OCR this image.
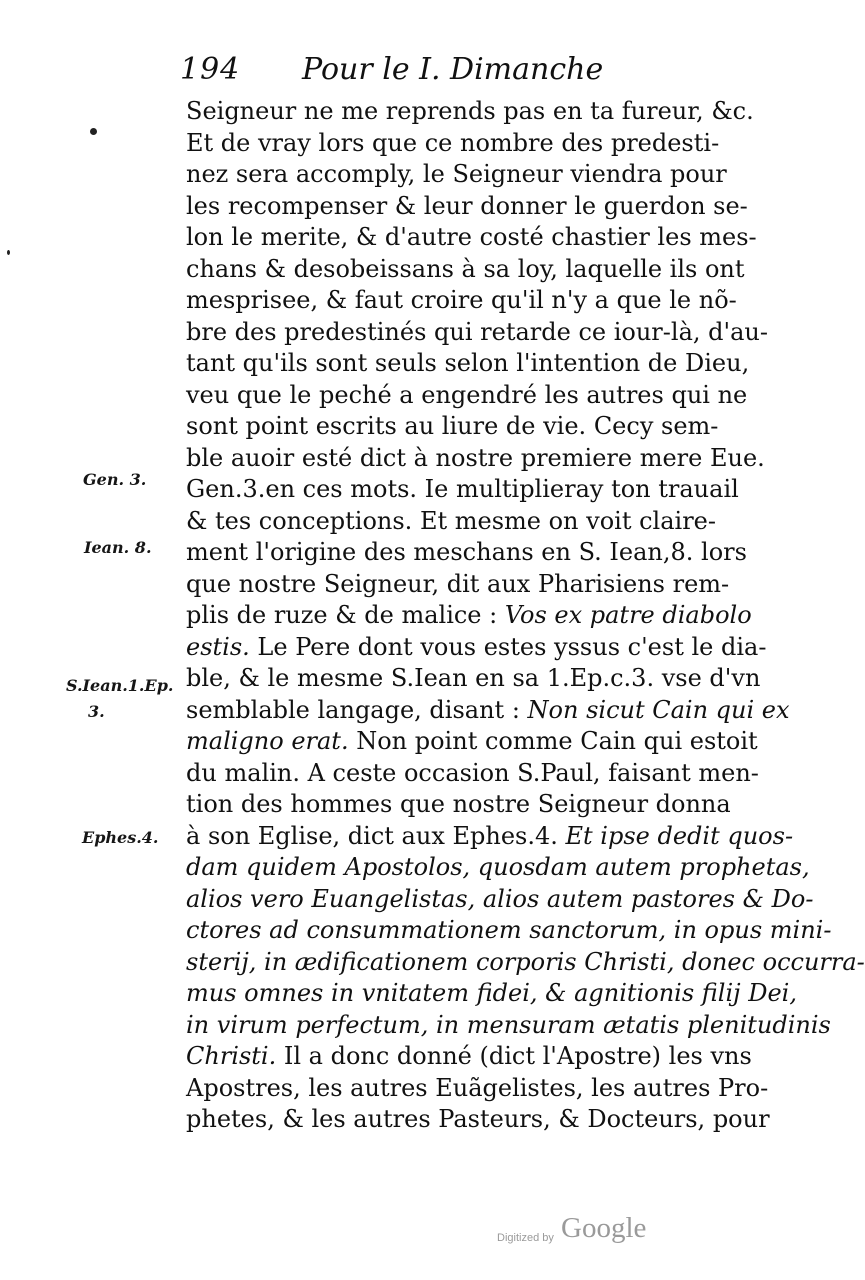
194 Pour le I. Dimanche
Gen. 3.
Iean. 8.
S.Iean.1.Ep.
3.
Ephes.4.
Seigneur ne me reprends pas en ta fureur, &c.
Et de vray lors que ce nombre des predesti-
nez sera accomply, le Seigneur viendra pour
les recompenser & leur donner le guerdon se-
lon le merite, & d'autre costé chastier les mes-
chans & desobeissans à sa loy, laquelle ils ont
mesprisee, & faut croire qu'il n'y a que le nõ-
bre des predestinés qui retarde ce iour-là, d'au-
tant qu'ils sont seuls selon l'intention de Dieu,
veu que le peché a engendré les autres qui ne
sont point escrits au liure de vie. Cecy sem-
ble auoir esté dict à nostre premiere mere Eue.
Gen.3.en ces mots. Ie multiplieray ton trauail
& tes conceptions. Et mesme on voit claire-
ment l'origine des meschans en S. Iean,8. lors
que nostre Seigneur, dit aux Pharisiens rem-
plis de ruze & de malice : Vos ex patre diabolo
estis. Le Pere dont vous estes yssus c'est le dia-
ble, & le mesme S.Iean en sa 1.Ep.c.3. vse d'vn
semblable langage, disant : Non sicut Cain qui ex
maligno erat. Non point comme Cain qui estoit
du malin. A ceste occasion S.Paul, faisant men-
tion des hommes que nostre Seigneur donna
à son Eglise, dict aux Ephes.4. Et ipse dedit quos-
dam quidem Apostolos, quosdam autem prophetas,
alios vero Euangelistas, alios autem pastores & Do-
ctores ad consummationem sanctorum, in opus mini-
sterij, in ædificationem corporis Christi, donec occurra-
mus omnes in vnitatem fidei, & agnitionis filij Dei,
in virum perfectum, in mensuram ætatis plenitudinis
Christi. Il a donc donné (dict l'Apostre) les vns
Apostres, les autres Euãgelistes, les autres Pro-
phetes, & les autres Pasteurs, & Docteurs, pour
Digitized by Google
